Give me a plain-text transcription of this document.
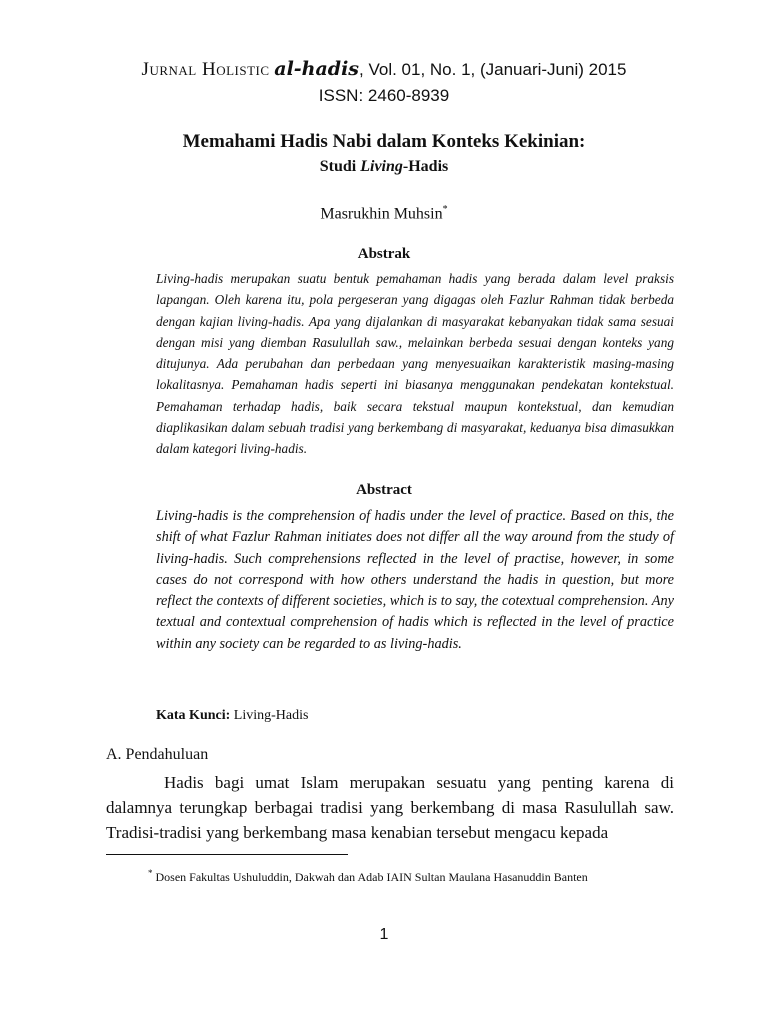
Jurnal Holistic al-hadis, Vol. 01, No. 1, (Januari-Juni) 2015
ISSN: 2460-8939
Memahami Hadis Nabi dalam Konteks Kekinian:
Studi Living-Hadis
Masrukhin Muhsin*
Abstrak
Living-hadis merupakan suatu bentuk pemahaman hadis yang berada dalam level praksis lapangan. Oleh karena itu, pola pergeseran yang digagas oleh Fazlur Rahman tidak berbeda dengan kajian living-hadis. Apa yang dijalankan di masyarakat kebanyakan tidak sama sesuai dengan misi yang diemban Rasulullah saw., melainkan berbeda sesuai dengan konteks yang ditujunya. Ada perubahan dan perbedaan yang menyesuaikan karakteristik masing-masing lokalitasnya. Pemahaman hadis seperti ini biasanya menggunakan pendekatan kontekstual. Pemahaman terhadap hadis, baik secara tekstual maupun kontekstual, dan kemudian diaplikasikan dalam sebuah tradisi yang berkembang di masyarakat, keduanya bisa dimasukkan dalam kategori living-hadis.
Abstract
Living-hadis is the comprehension of hadis under the level of practice. Based on this, the shift of what Fazlur Rahman initiates does not differ all the way around from the study of living-hadis. Such comprehensions reflected in the level of practise, however, in some cases do not correspond with how others understand the hadis in question, but more reflect the contexts of different societies, which is to say, the cotextual comprehension. Any textual and contextual comprehension of hadis which is reflected in the level of practice within any society can be regarded to as living-hadis.
Kata Kunci: Living-Hadis
A. Pendahuluan
Hadis bagi umat Islam merupakan sesuatu yang penting karena di dalamnya terungkap berbagai tradisi yang berkembang di masa Rasulullah saw. Tradisi-tradisi yang berkembang masa kenabian tersebut mengacu kepada
* Dosen Fakultas Ushuluddin, Dakwah dan Adab IAIN Sultan Maulana Hasanuddin Banten
1
